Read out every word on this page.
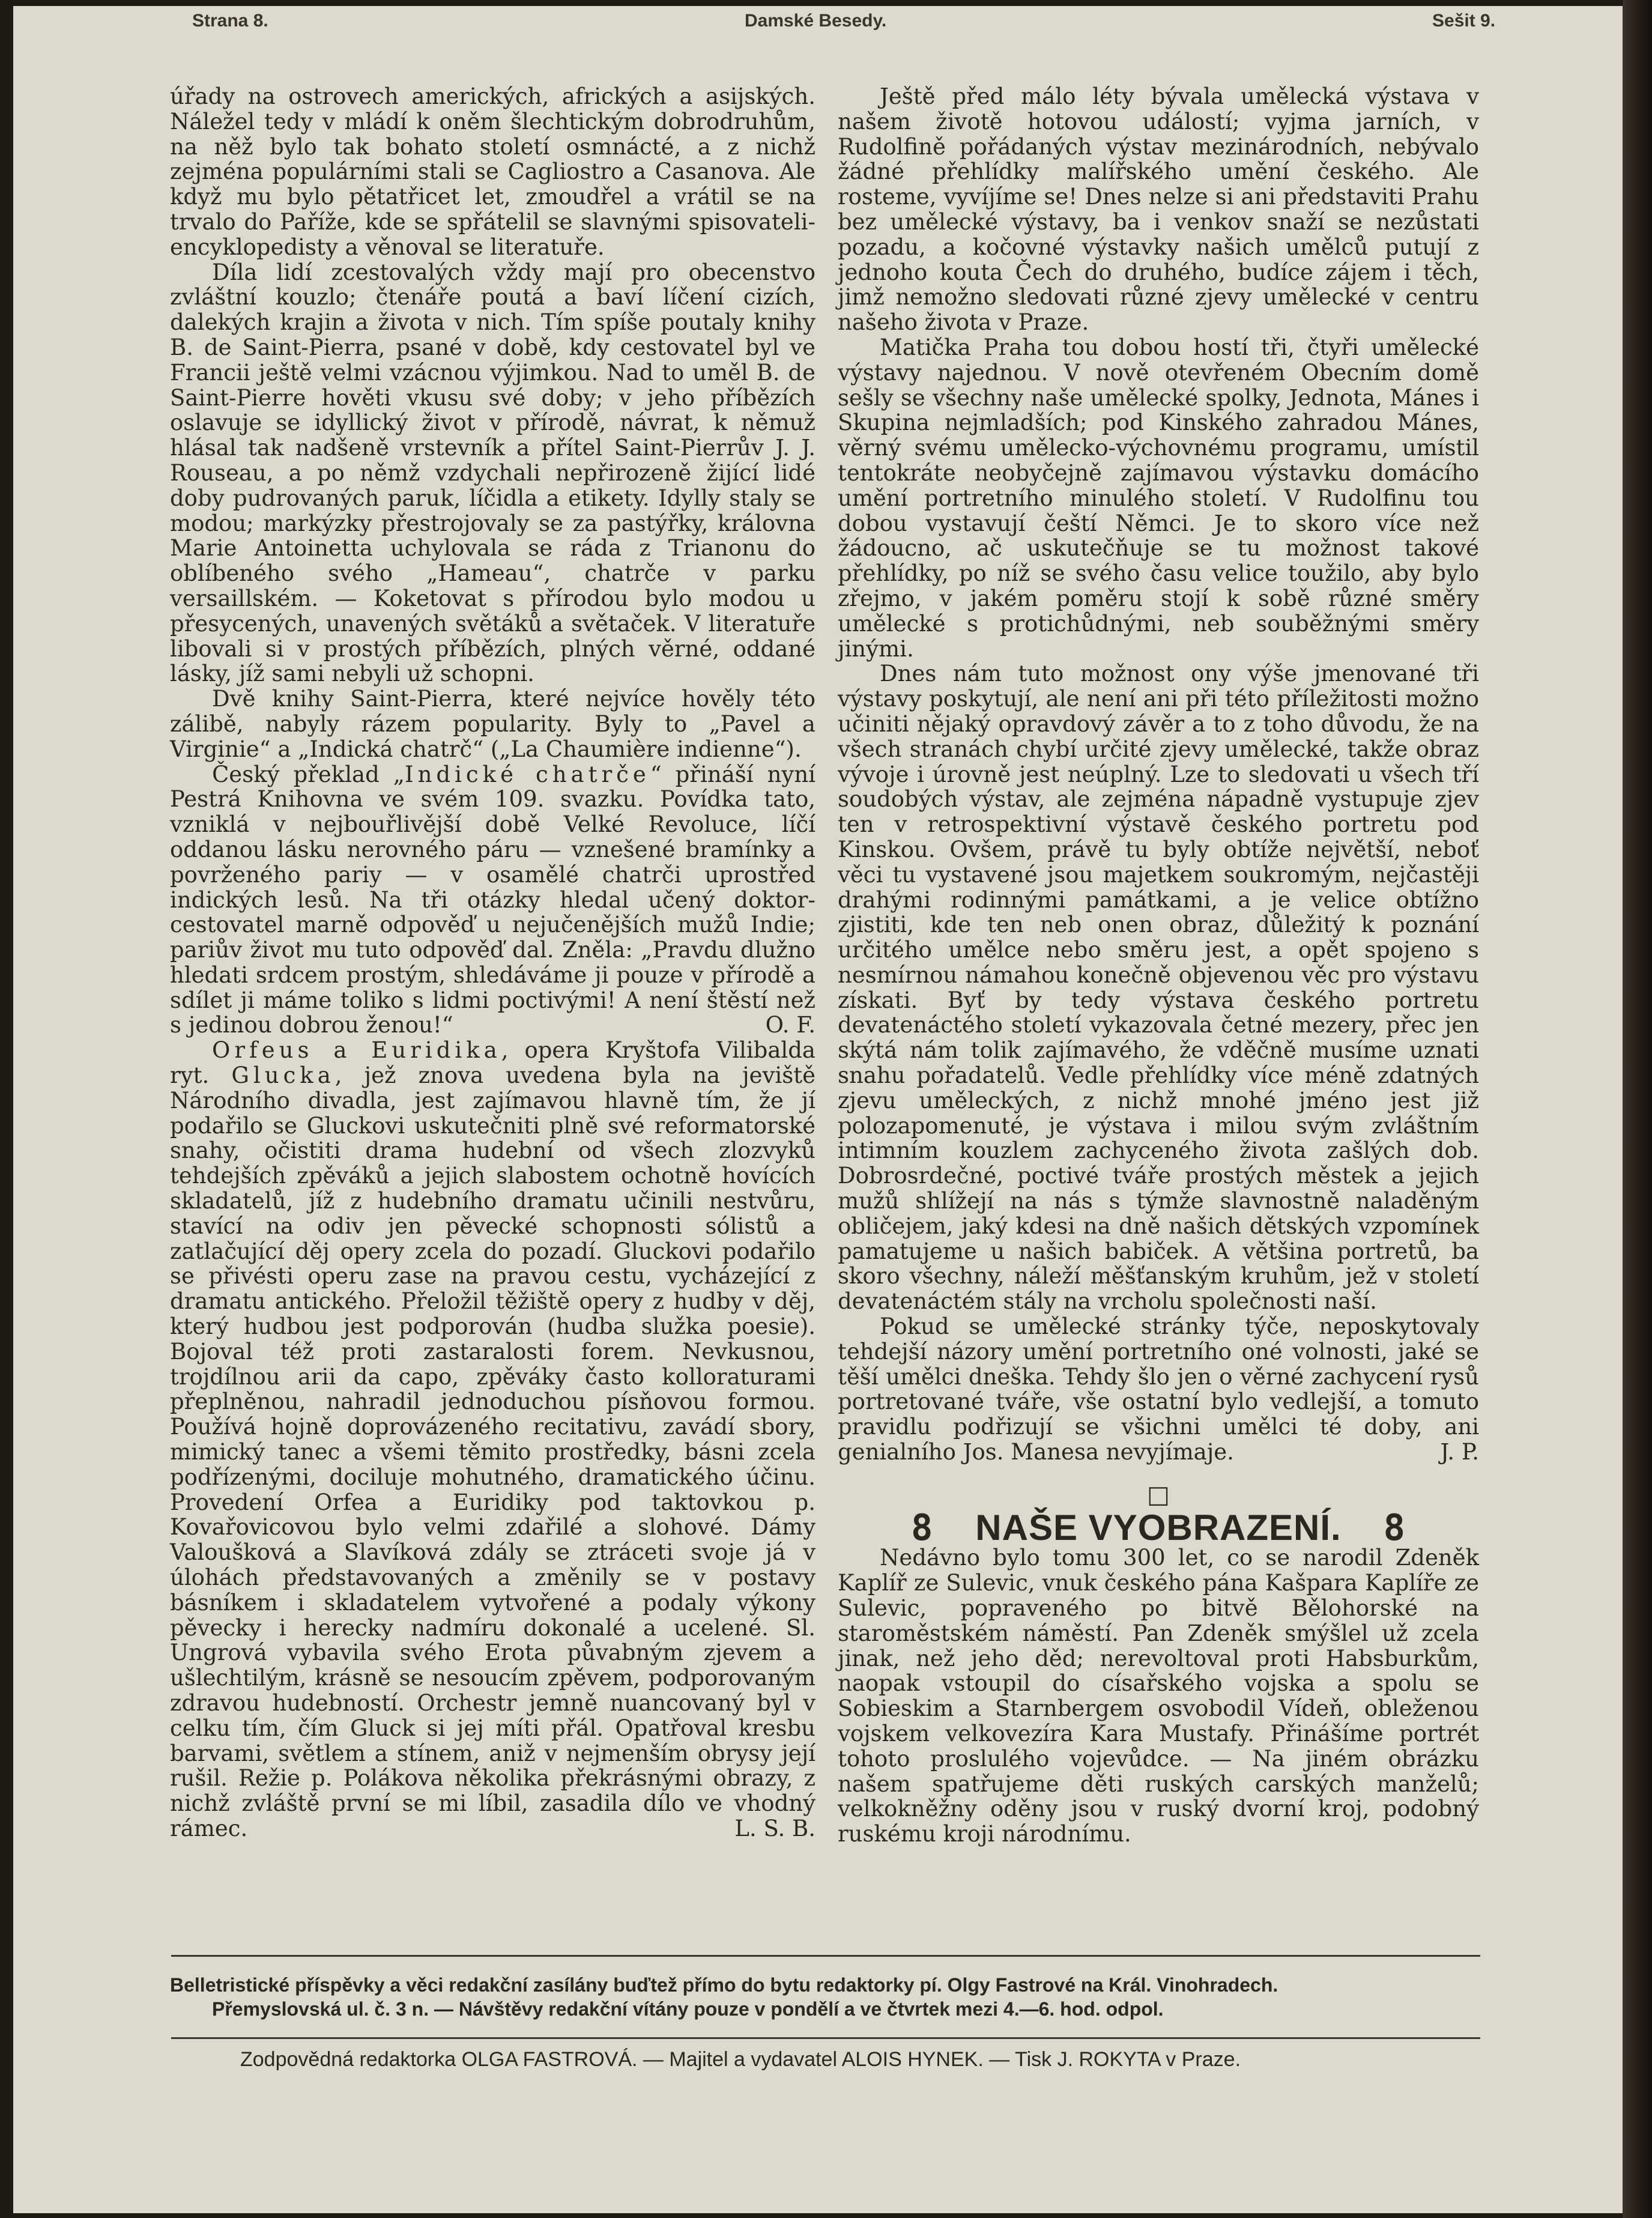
Strana 8.	Damské Besedy.	Sešit 9.

úřady na ostrovech amerických, afrických a asijských. Náležel tedy v mládí k oněm šlechtickým dobrodruhům, na něž bylo tak bohato století osmnácté, a z nichž zejména populárními stali se Cagliostro a Casanova. Ale když mu bylo pětatřicet let, zmoudřel a vrátil se na trvalo do Paříže, kde se spřátelil se slavnými spisovateli-encyklopedisty a věnoval se literatuře.

Díla lidí zcestovalých vždy mají pro obecenstvo zvláštní kouzlo; čtenáře poutá a baví líčení cizích, dalekých krajin a života v nich. Tím spíše poutaly knihy B. de Saint-Pierra, psané v době, kdy cestovatel byl ve Francii ještě velmi vzácnou výjimkou. Nad to uměl B. de Saint-Pierre hověti vkusu své doby; v jeho příbězích oslavuje se idyllický život v přírodě, návrat, k němuž hlásal tak nadšeně vrstevník a přítel Saint-Pierrův J. J. Rouseau, a po němž vzdychali nepřirozeně žijící lidé doby pudrovaných paruk, líčidla a etikety. Idylly staly se modou; markýzky přestrojovaly se za pastýřky, královna Marie Antoinetta uchylovala se ráda z Trianonu do oblíbeného svého „Hameau“, chatrče v parku versaillském. — Koketovat s přírodou bylo modou u přesycených, unavených světáků a světaček. V literatuře libovali si v prostých příbězích, plných věrné, oddané lásky, jíž sami nebyli už schopni.

Dvě knihy Saint-Pierra, které nejvíce hověly této zálibě, nabyly rázem popularity. Byly to „Pavel a Virginie“ a „Indická chatrč“ („La Chaumière indienne“).

Český překlad „Indické chatrče“ přináší nyní Pestrá Knihovna ve svém 109. svazku. Povídka tato, vzniklá v nejbouřlivější době Velké Revoluce, líčí oddanou lásku nerovného páru — vznešené bramínky a povrženého pariy — v osamělé chatrči uprostřed indických lesů. Na tři otázky hledal učený doktor-cestovatel marně odpověď u nejučenějších mužů Indie; pariův život mu tuto odpověď dal. Zněla: „Pravdu dlužno hledati srdcem prostým, shledáváme ji pouze v přírodě a sdílet ji máme toliko s lidmi poctivými! A není štěstí než s jedinou dobrou ženou!“	O. F.

Orfeus a Euridika, opera Kryštofa Vilibalda ryt. Glucka, jež znova uvedena byla na jeviště Národního divadla, jest zajímavou hlavně tím, že jí podařilo se Gluckovi uskutečniti plně své reformatorské snahy, očistiti drama hudební od všech zlozvyků tehdejších zpěváků a jejich slabostem ochotně hovících skladatelů, jíž z hudebního dramatu učinili nestvůru, stavící na odiv jen pěvecké schopnosti sólistů a zatlačující děj opery zcela do pozadí. Gluckovi podařilo se přivésti operu zase na pravou cestu, vycházející z dramatu antického. Přeložil těžiště opery z hudby v děj, který hudbou jest podporován (hudba služka poesie). Bojoval též proti zastaralosti forem. Nevkusnou, trojdílnou arii da capo, zpěváky často kolloraturami přeplněnou, nahradil jednoduchou písňovou formou. Používá hojně doprovázeného recitativu, zavádí sbory, mimický tanec a všemi těmito prostředky, básni zcela podřízenými, dociluje mohutného, dramatického účinu. Provedení Orfea a Euridiky pod taktovkou p. Kovařovicovou bylo velmi zdařilé a slohové. Dámy Valoušková a Slavíková zdály se ztráceti svoje já v úlohách představovaných a změnily se v postavy básníkem i skladatelem vytvořené a podaly výkony pěvecky i herecky nadmíru dokonalé a ucelené. Sl. Ungrová vybavila svého Erota půvabným zjevem a ušlechtilým, krásně se nesoucím zpěvem, podporovaným zdravou hudebností. Orchestr jemně nuancovaný byl v celku tím, čím Gluck si jej míti přál. Opatřoval kresbu barvami, světlem a stínem, aniž v nejmenším obrysy její rušil. Režie p. Polákova několika překrásnými obrazy, z nichž zvláště první se mi líbil, zasadila dílo ve vhodný rámec.	L. S. B.

Ještě před málo léty bývala umělecká výstava v našem životě hotovou událostí; vyjma jarních, v Rudolfině pořádaných výstav mezinárodních, nebývalo žádné přehlídky malířského umění českého. Ale rosteme, vyvíjíme se! Dnes nelze si ani představiti Prahu bez umělecké výstavy, ba i venkov snaží se nezůstati pozadu, a kočovné výstavky našich umělců putují z jednoho kouta Čech do druhého, budíce zájem i těch, jimž nemožno sledovati různé zjevy umělecké v centru našeho života v Praze.

Matička Praha tou dobou hostí tři, čtyři umělecké výstavy najednou. V nově otevřeném Obecním domě sešly se všechny naše umělecké spolky, Jednota, Mánes i Skupina nejmladších; pod Kinského zahradou Mánes, věrný svému umělecko-výchovnému programu, umístil tentokráte neobyčejně zajímavou výstavku domácího umění portretního minulého století. V Rudolfinu tou dobou vystavují čeští Němci. Je to skoro více než žádoucno, ač uskutečňuje se tu možnost takové přehlídky, po níž se svého času velice toužilo, aby bylo zřejmo, v jakém poměru stojí k sobě různé směry umělecké s protichůdnými, neb souběžnými směry jinými.

Dnes nám tuto možnost ony výše jmenované tři výstavy poskytují, ale není ani při této příležitosti možno učiniti nějaký opravdový závěr a to z toho důvodu, že na všech stranách chybí určité zjevy umělecké, takže obraz vývoje i úrovně jest neúplný. Lze to sledovati u všech tří soudobých výstav, ale zejména nápadně vystupuje zjev ten v retrospektivní výstavě českého portretu pod Kinskou. Ovšem, právě tu byly obtíže největší, neboť věci tu vystavené jsou majetkem soukromým, nejčastěji drahými rodinnými památkami, a je velice obtížno zjistiti, kde ten neb onen obraz, důležitý k poznání určitého umělce nebo směru jest, a opět spojeno s nesmírnou námahou konečně objevenou věc pro výstavu získati. Byť by tedy výstava českého portretu devatenáctého století vykazovala četné mezery, přec jen skýtá nám tolik zajímavého, že vděčně musíme uznati snahu pořadatelů. Vedle přehlídky více méně zdatných zjevu uměleckých, z nichž mnohé jméno jest již polozapomenuté, je výstava i milou svým zvláštním intimním kouzlem zachyceného života zašlých dob. Dobrosrdečné, poctivé tváře prostých městek a jejich mužů shlížejí na nás s týmže slavnostně naladěným obličejem, jaký kdesi na dně našich dětských vzpomínek pamatujeme u našich babiček. A většina portretů, ba skoro všechny, náleží měšťanským kruhům, jež v století devatenáctém stály na vrcholu společnosti naší.

Pokud se umělecké stránky týče, neposkytovaly tehdejší názory umění portretního oné volnosti, jaké se těší umělci dneška. Tehdy šlo jen o věrné zachycení rysů portretované tváře, vše ostatní bylo vedlejší, a tomuto pravidlu podřizují se všichni umělci té doby, ani genialního Jos. Manesa nevyjímaje.	J. P.

□
8 NAŠE VYOBRAZENÍ. 8

Nedávno bylo tomu 300 let, co se narodil Zdeněk Kaplíř ze Sulevic, vnuk českého pána Kašpara Kaplíře ze Sulevic, popraveného po bitvě Bělohorské na staroměstském náměstí. Pan Zdeněk smýšlel už zcela jinak, než jeho děd; nerevoltoval proti Habsburkům, naopak vstoupil do císařského vojska a spolu se Sobieskim a Starnbergem osvobodil Vídeň, obleženou vojskem velkovezíra Kara Mustafy. Přinášíme portrét tohoto proslulého vojevůdce. — Na jiném obrázku našem spatřujeme děti ruských carských manželů; velkokněžny oděny jsou v ruský dvorní kroj, podobný ruskému kroji národnímu.

Belletristické příspěvky a věci redakční zasílány buďtež přímo do bytu redaktorky pí. Olgy Fastrové na Král. Vinohradech.
Přemyslovská ul. č. 3 n. — Návštěvy redakční vítány pouze v pondělí a ve čtvrtek mezi 4.—6. hod. odpol.
Zodpovědná redaktorka OLGA FASTROVÁ. — Majitel a vydavatel ALOIS HYNEK. — Tisk J. ROKYTA v Praze.
